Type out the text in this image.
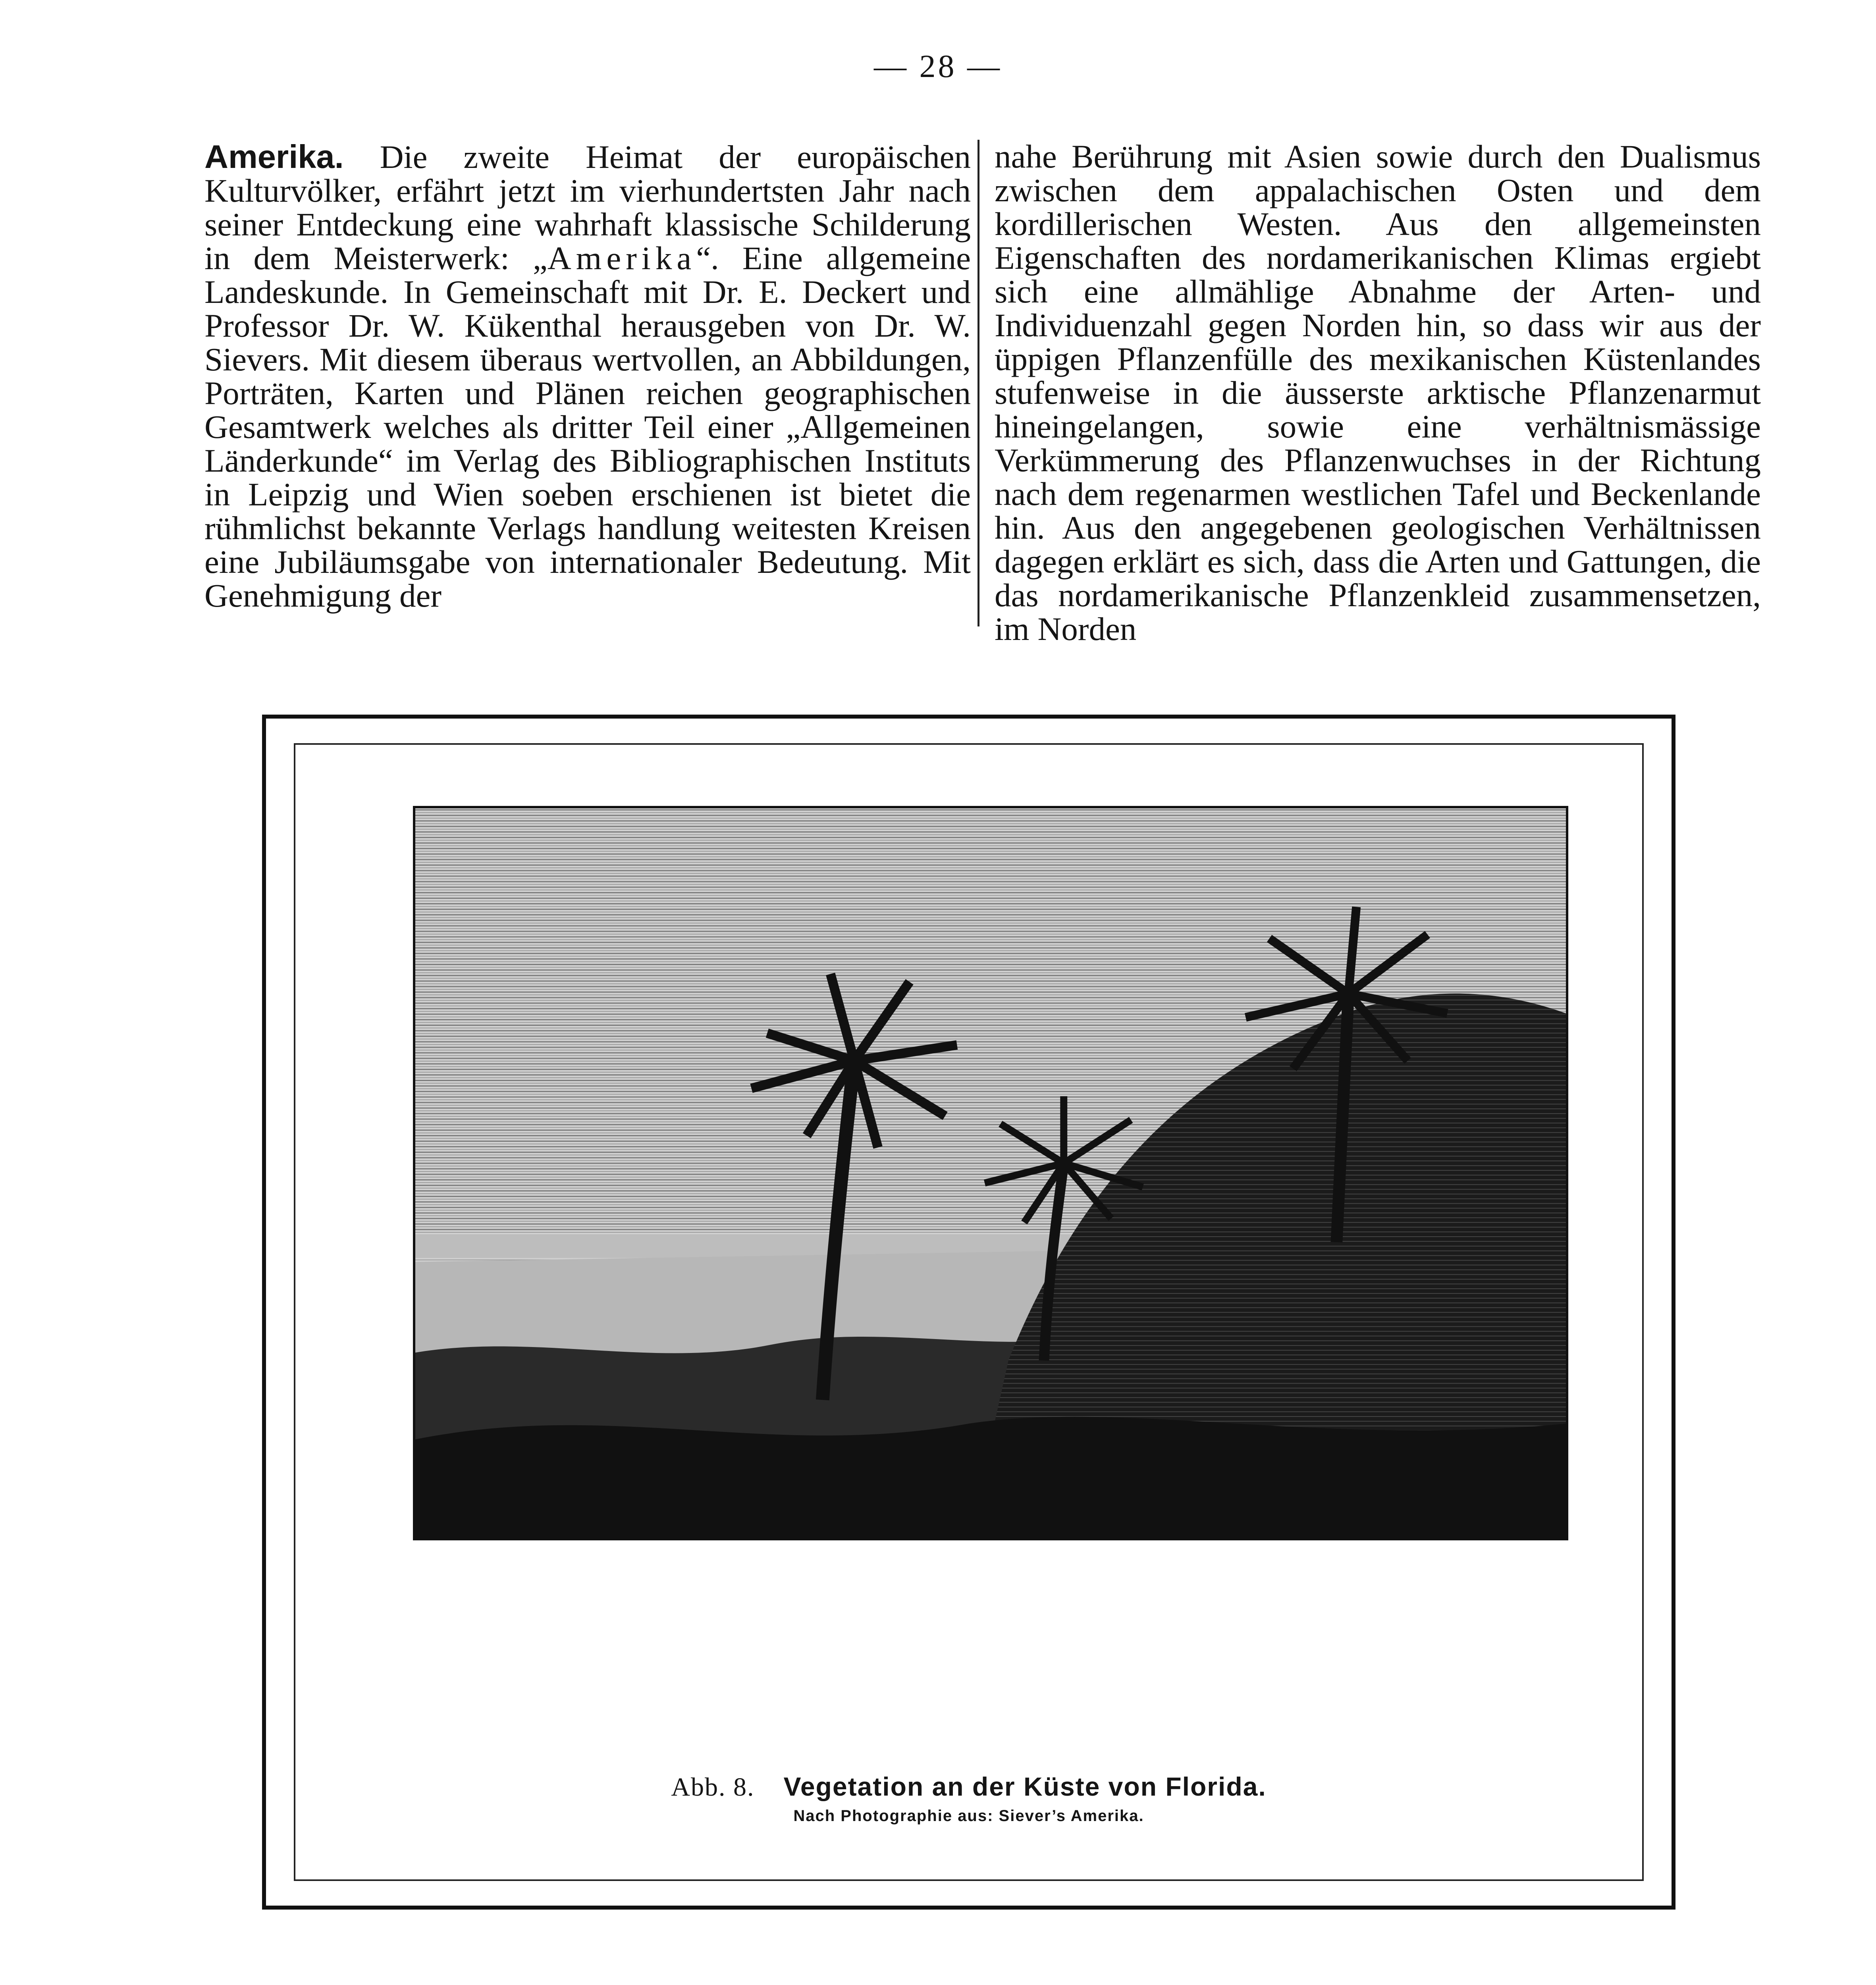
— 28 —

Amerika. Die zweite Heimat der europäischen Kulturvölker, erfährt jetzt im vierhundertsten Jahr nach seiner Entdeckung eine wahrhaft klassische Schilderung in dem Meisterwerk: „Amerika“. Eine allgemeine Landeskunde. In Gemeinschaft mit Dr. E. Deckert und Professor Dr. W. Kükenthal herausgeben von Dr. W. Sievers. Mit diesem überaus wertvollen, an Abbildungen, Porträten, Karten und Plänen reichen geographischen Gesamtwerk welches als dritter Teil einer „Allgemeinen Länderkunde“ im Verlag des Bibliographischen Instituts in Leipzig und Wien soeben erschienen ist bietet die rühmlichst bekannte Verlags handlung weitesten Kreisen eine Jubiläumsgabe von internationaler Bedeutung. Mit Genehmigung der

nahe Berührung mit Asien sowie durch den Dualismus zwischen dem appalachischen Osten und dem kordillerischen Westen. Aus den allgemeinsten Eigenschaften des nordamerikanischen Klimas ergiebt sich eine allmählige Abnahme der Arten- und Individuenzahl gegen Norden hin, so dass wir aus der üppigen Pflanzenfülle des mexikanischen Küstenlandes stufenweise in die äusserste arktische Pflanzenarmut hineingelangen, sowie eine verhältnismässige Verkümmerung des Pflanzenwuchses in der Richtung nach dem regenarmen westlichen Tafel und Beckenlande hin. Aus den angegebenen geologischen Verhältnissen dagegen erklärt es sich, dass die Arten und Gattungen, die das nordamerikanische Pflanzenkleid zusammensetzen, im Norden

Abb. 8. Vegetation an der Küste von Florida.
Nach Photographie aus: Siever’s Amerika.
